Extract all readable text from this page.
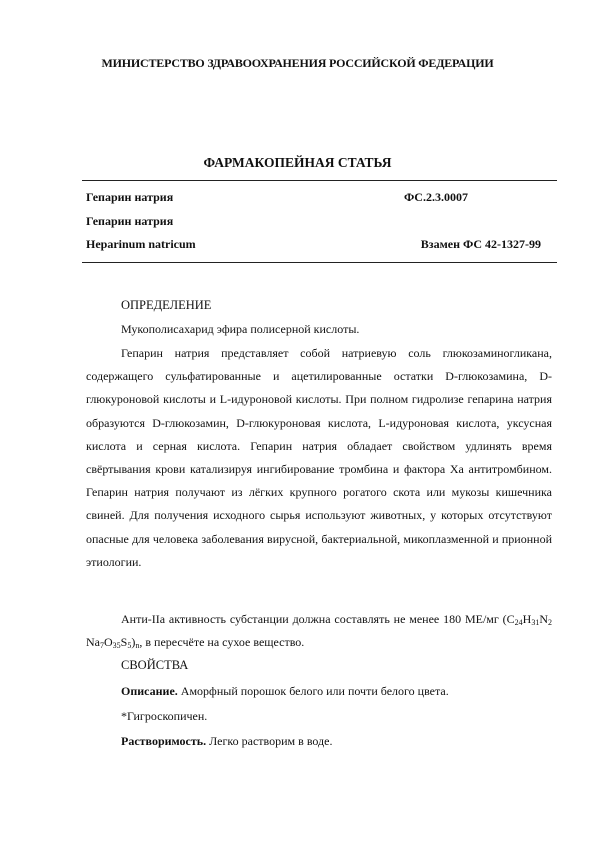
МИНИСТЕРСТВО ЗДРАВООХРАНЕНИЯ РОССИЙСКОЙ ФЕДЕРАЦИИ
ФАРМАКОПЕЙНАЯ СТАТЬЯ
Гепарин натрия	ФС.2.3.0007
Гепарин натрия
Heparinum natricum	Взамен ФС 42-1327-99
ОПРЕДЕЛЕНИЕ
Мукополисахарид эфира полисерной кислоты.
Гепарин натрия представляет собой натриевую соль глюкозаминогликана, содержащего сульфатированные и ацетилированные остатки D-глюкозамина, D-глюкуроновой кислоты и L-идуроновой кислоты. При полном гидролизе гепарина натрия образуются D-глюкозамин, D-глюкуроновая кислота, L-идуроновая кислота, уксусная кислота и серная кислота. Гепарин натрия обладает свойством удлинять время свёртывания крови катализируя ингибирование тромбина и фактора Xa антитромбином. Гепарин натрия получают из лёгких крупного рогатого скота или мукозы кишечника свиней. Для получения исходного сырья используют животных, у которых отсутствуют опасные для человека заболевания вирусной, бактериальной, микоплазменной и прионной этиологии.
Анти-IIa активность субстанции должна составлять не менее 180 МЕ/мг ($C_{24}H_{31}N_2$ $Na_7O_{35}S_5)_n$, в пересчёте на сухое вещество.
СВОЙСТВА
Описание. Аморфный порошок белого или почти белого цвета.
*Гигроскопичен.
Растворимость. Легко растворим в воде.
